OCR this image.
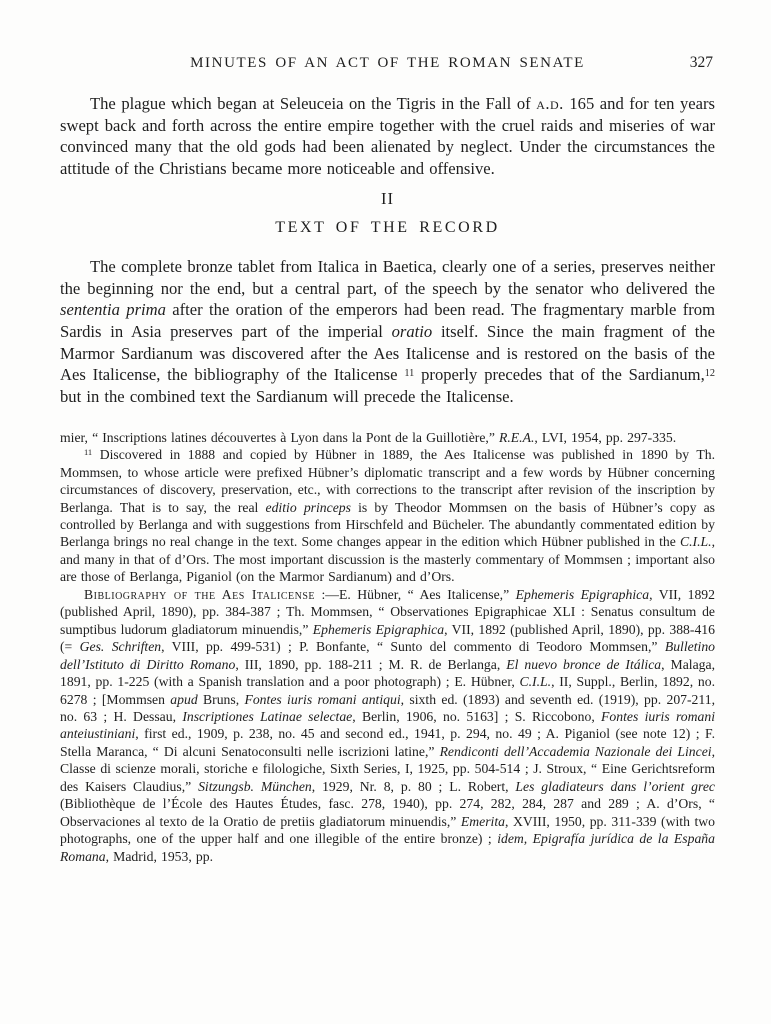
MINUTES OF AN ACT OF THE ROMAN SENATE	327

The plague which began at Seleuceia on the Tigris in the Fall of a.d. 165 and for ten years swept back and forth across the entire empire together with the cruel raids and miseries of war convinced many that the old gods had been alienated by neglect. Under the circumstances the attitude of the Christians became more noticeable and offensive.

II
TEXT OF THE RECORD

The complete bronze tablet from Italica in Baetica, clearly one of a series, preserves neither the beginning nor the end, but a central part, of the speech by the senator who delivered the sententia prima after the oration of the emperors had been read. The fragmentary marble from Sardis in Asia preserves part of the imperial oratio itself. Since the main fragment of the Marmor Sardianum was discovered after the Aes Italicense and is restored on the basis of the Aes Italicense, the bibliography of the Italicense $^{11}$ properly precedes that of the Sardianum,$^{12}$ but in the combined text the Sardianum will precede the Italicense.

mier, “ Inscriptions latines découvertes à Lyon dans la Pont de la Guillotière,” R.E.A., LVI, 1954, pp. 297-335.

$^{11}$ Discovered in 1888 and copied by Hübner in 1889, the Aes Italicense was published in 1890 by Th. Mommsen, to whose article were prefixed Hübner’s diplomatic transcript and a few words by Hübner concerning circumstances of discovery, preservation, etc., with corrections to the transcript after revision of the inscription by Berlanga. That is to say, the real editio princeps is by Theodor Mommsen on the basis of Hübner’s copy as controlled by Berlanga and with suggestions from Hirschfeld and Bücheler. The abundantly commentated edition by Berlanga brings no real change in the text. Some changes appear in the edition which Hübner published in the C.I.L., and many in that of d’Ors. The most important discussion is the masterly commentary of Mommsen ; important also are those of Berlanga, Piganiol (on the Marmor Sardianum) and d’Ors.

Bibliography of the Aes Italicense :—E. Hübner, “ Aes Italicense,” Ephemeris Epigraphica, VII, 1892 (published April, 1890), pp. 384-387 ; Th. Mommsen, “ Observationes Epigraphicae XLI : Senatus consultum de sumptibus ludorum gladiatorum minuendis,” Ephemeris Epigraphica, VII, 1892 (published April, 1890), pp. 388-416 (= Ges. Schriften, VIII, pp. 499-531) ; P. Bonfante, “ Sunto del commento di Teodoro Mommsen,” Bulletino dell’Istituto di Diritto Romano, III, 1890, pp. 188-211 ; M. R. de Berlanga, El nuevo bronce de Itálica, Malaga, 1891, pp. 1-225 (with a Spanish translation and a poor photograph) ; E. Hübner, C.I.L., II, Suppl., Berlin, 1892, no. 6278 ; [Mommsen apud Bruns, Fontes iuris romani antiqui, sixth ed. (1893) and seventh ed. (1919), pp. 207-211, no. 63 ; H. Dessau, Inscriptiones Latinae selectae, Berlin, 1906, no. 5163] ; S. Riccobono, Fontes iuris romani anteiustiniani, first ed., 1909, p. 238, no. 45 and second ed., 1941, p. 294, no. 49 ; A. Piganiol (see note 12) ; F. Stella Maranca, “ Di alcuni Senatoconsulti nelle iscrizioni latine,” Rendiconti dell’Accademia Nazionale dei Lincei, Classe di scienze morali, storiche e filologiche, Sixth Series, I, 1925, pp. 504-514 ; J. Stroux, “ Eine Gerichtsreform des Kaisers Claudius,” Sitzungsb. München, 1929, Nr. 8, p. 80 ; L. Robert, Les gladiateurs dans l’orient grec (Bibliothèque de l’École des Hautes Études, fasc. 278, 1940), pp. 274, 282, 284, 287 and 289 ; A. d’Ors, “ Observaciones al texto de la Oratio de pretiis gladiatorum minuendis,” Emerita, XVIII, 1950, pp. 311-339 (with two photographs, one of the upper half and one illegible of the entire bronze) ; idem, Epigrafía jurídica de la España Romana, Madrid, 1953, pp.
